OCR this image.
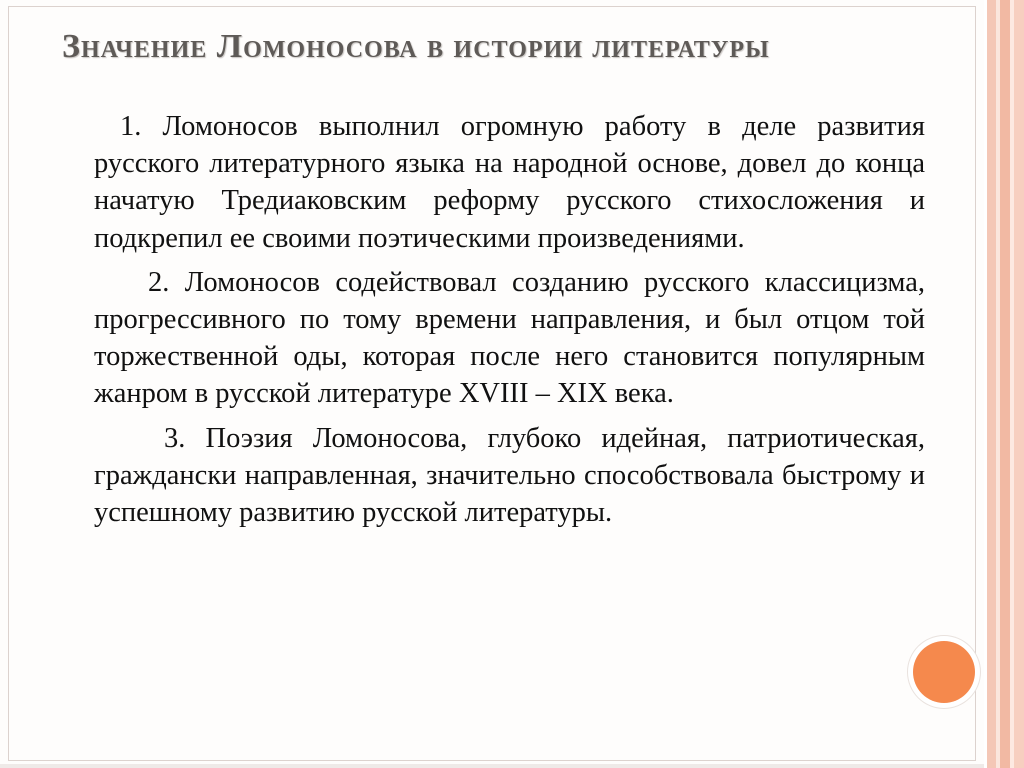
Значение Ломоносова в истории литературы

1. Ломоносов выполнил огромную работу в деле развития русского литературного языка на народной основе, довел до конца начатую Тредиаковским реформу русского стихосложения и подкрепил ее своими поэтическими произведениями.

2. Ломоносов содействовал созданию русского классицизма, прогрессивного по тому времени направления, и был отцом той торжественной оды, которая после него становится популярным жанром в русской литературе XVIII – XIX века.

3. Поэзия Ломоносова, глубоко идейная, патриотическая, граждански направленная, значительно способствовала быстрому и успешному развитию русской литературы.
